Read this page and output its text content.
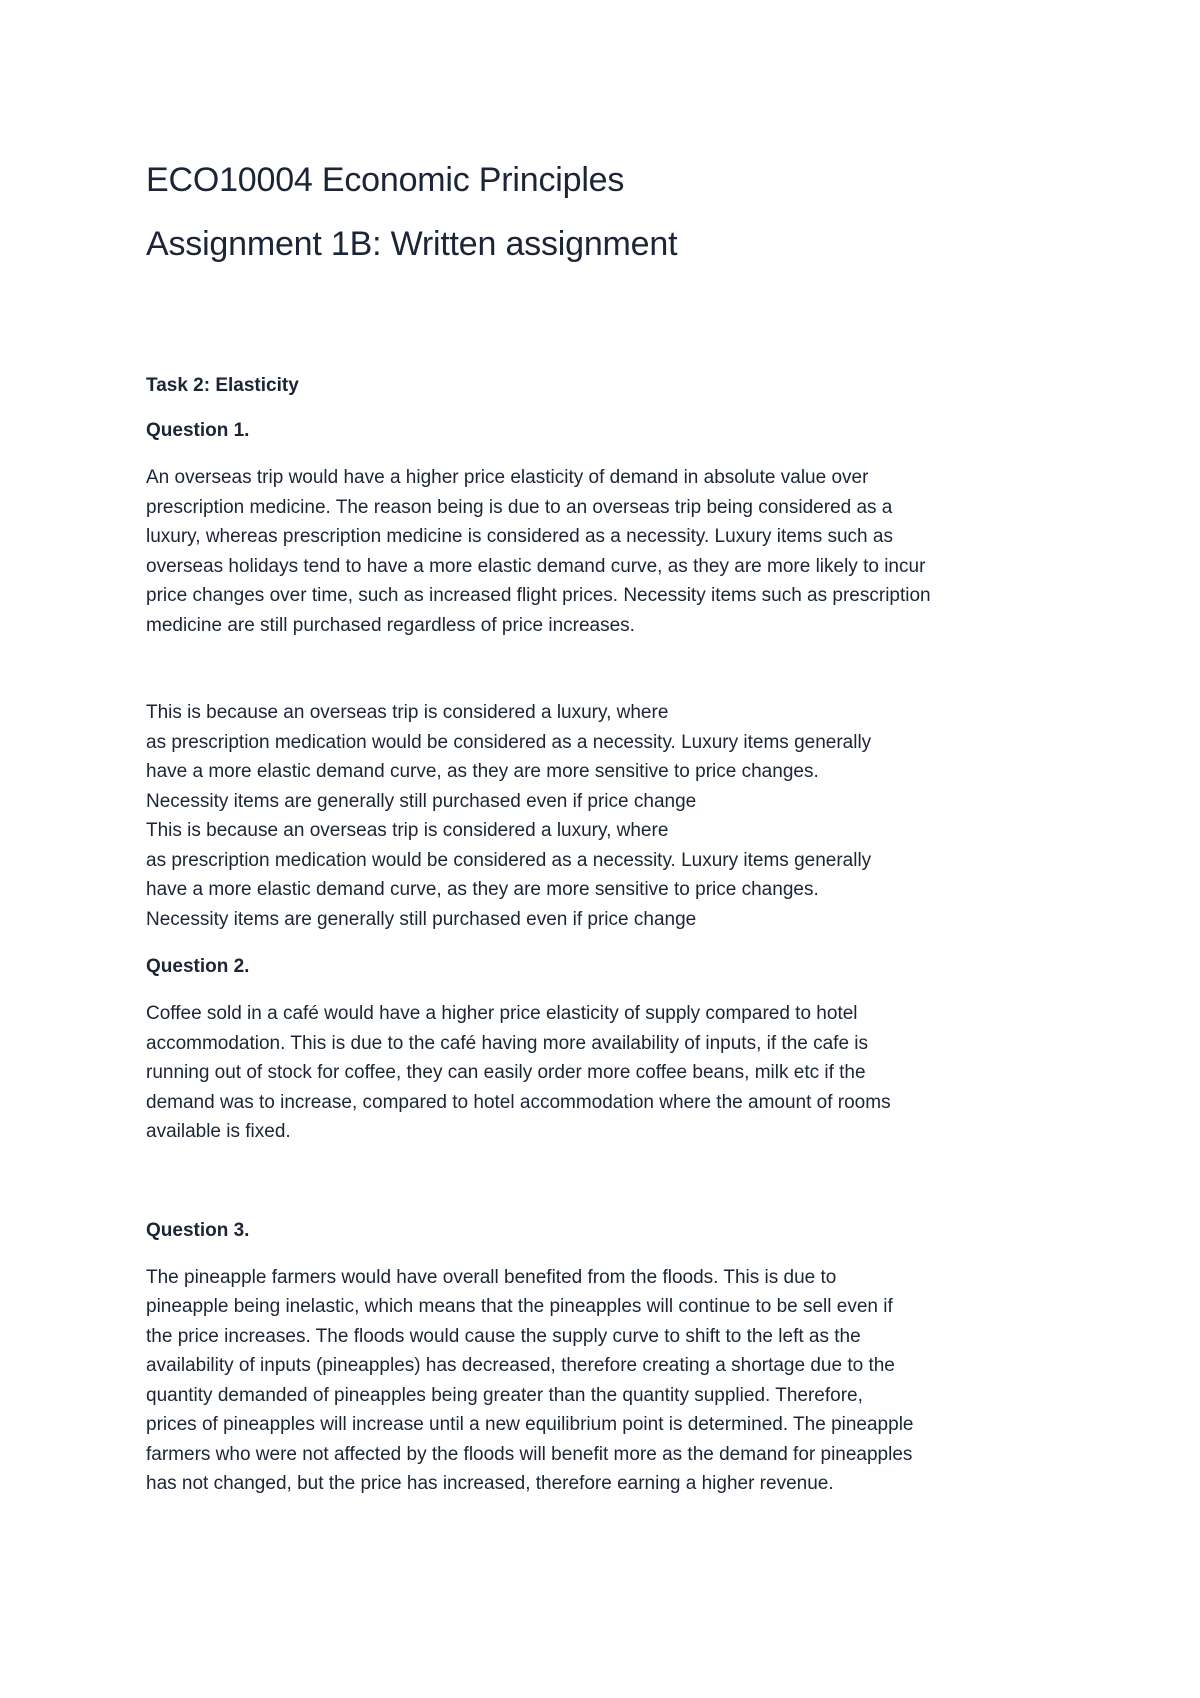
ECO10004 Economic Principles
Assignment 1B: Written assignment

Task 2: Elasticity

Question 1.

An overseas trip would have a higher price elasticity of demand in absolute value over
prescription medicine. The reason being is due to an overseas trip being considered as a
luxury, whereas prescription medicine is considered as a necessity. Luxury items such as
overseas holidays tend to have a more elastic demand curve, as they are more likely to incur
price changes over time, such as increased flight prices. Necessity items such as prescription
medicine are still purchased regardless of price increases.

This is because an overseas trip is considered a luxury, where
as prescription medication would be considered as a necessity. Luxury items generally
have a more elastic demand curve, as they are more sensitive to price changes.
Necessity items are generally still purchased even if price change
This is because an overseas trip is considered a luxury, where
as prescription medication would be considered as a necessity. Luxury items generally
have a more elastic demand curve, as they are more sensitive to price changes.
Necessity items are generally still purchased even if price change

Question 2.

Coffee sold in a café would have a higher price elasticity of supply compared to hotel
accommodation. This is due to the café having more availability of inputs, if the cafe is
running out of stock for coffee, they can easily order more coffee beans, milk etc if the
demand was to increase, compared to hotel accommodation where the amount of rooms
available is fixed.

Question 3.

The pineapple farmers would have overall benefited from the floods. This is due to
pineapple being inelastic, which means that the pineapples will continue to be sell even if
the price increases. The floods would cause the supply curve to shift to the left as the
availability of inputs (pineapples) has decreased, therefore creating a shortage due to the
quantity demanded of pineapples being greater than the quantity supplied. Therefore,
prices of pineapples will increase until a new equilibrium point is determined. The pineapple
farmers who were not affected by the floods will benefit more as the demand for pineapples
has not changed, but the price has increased, therefore earning a higher revenue.
